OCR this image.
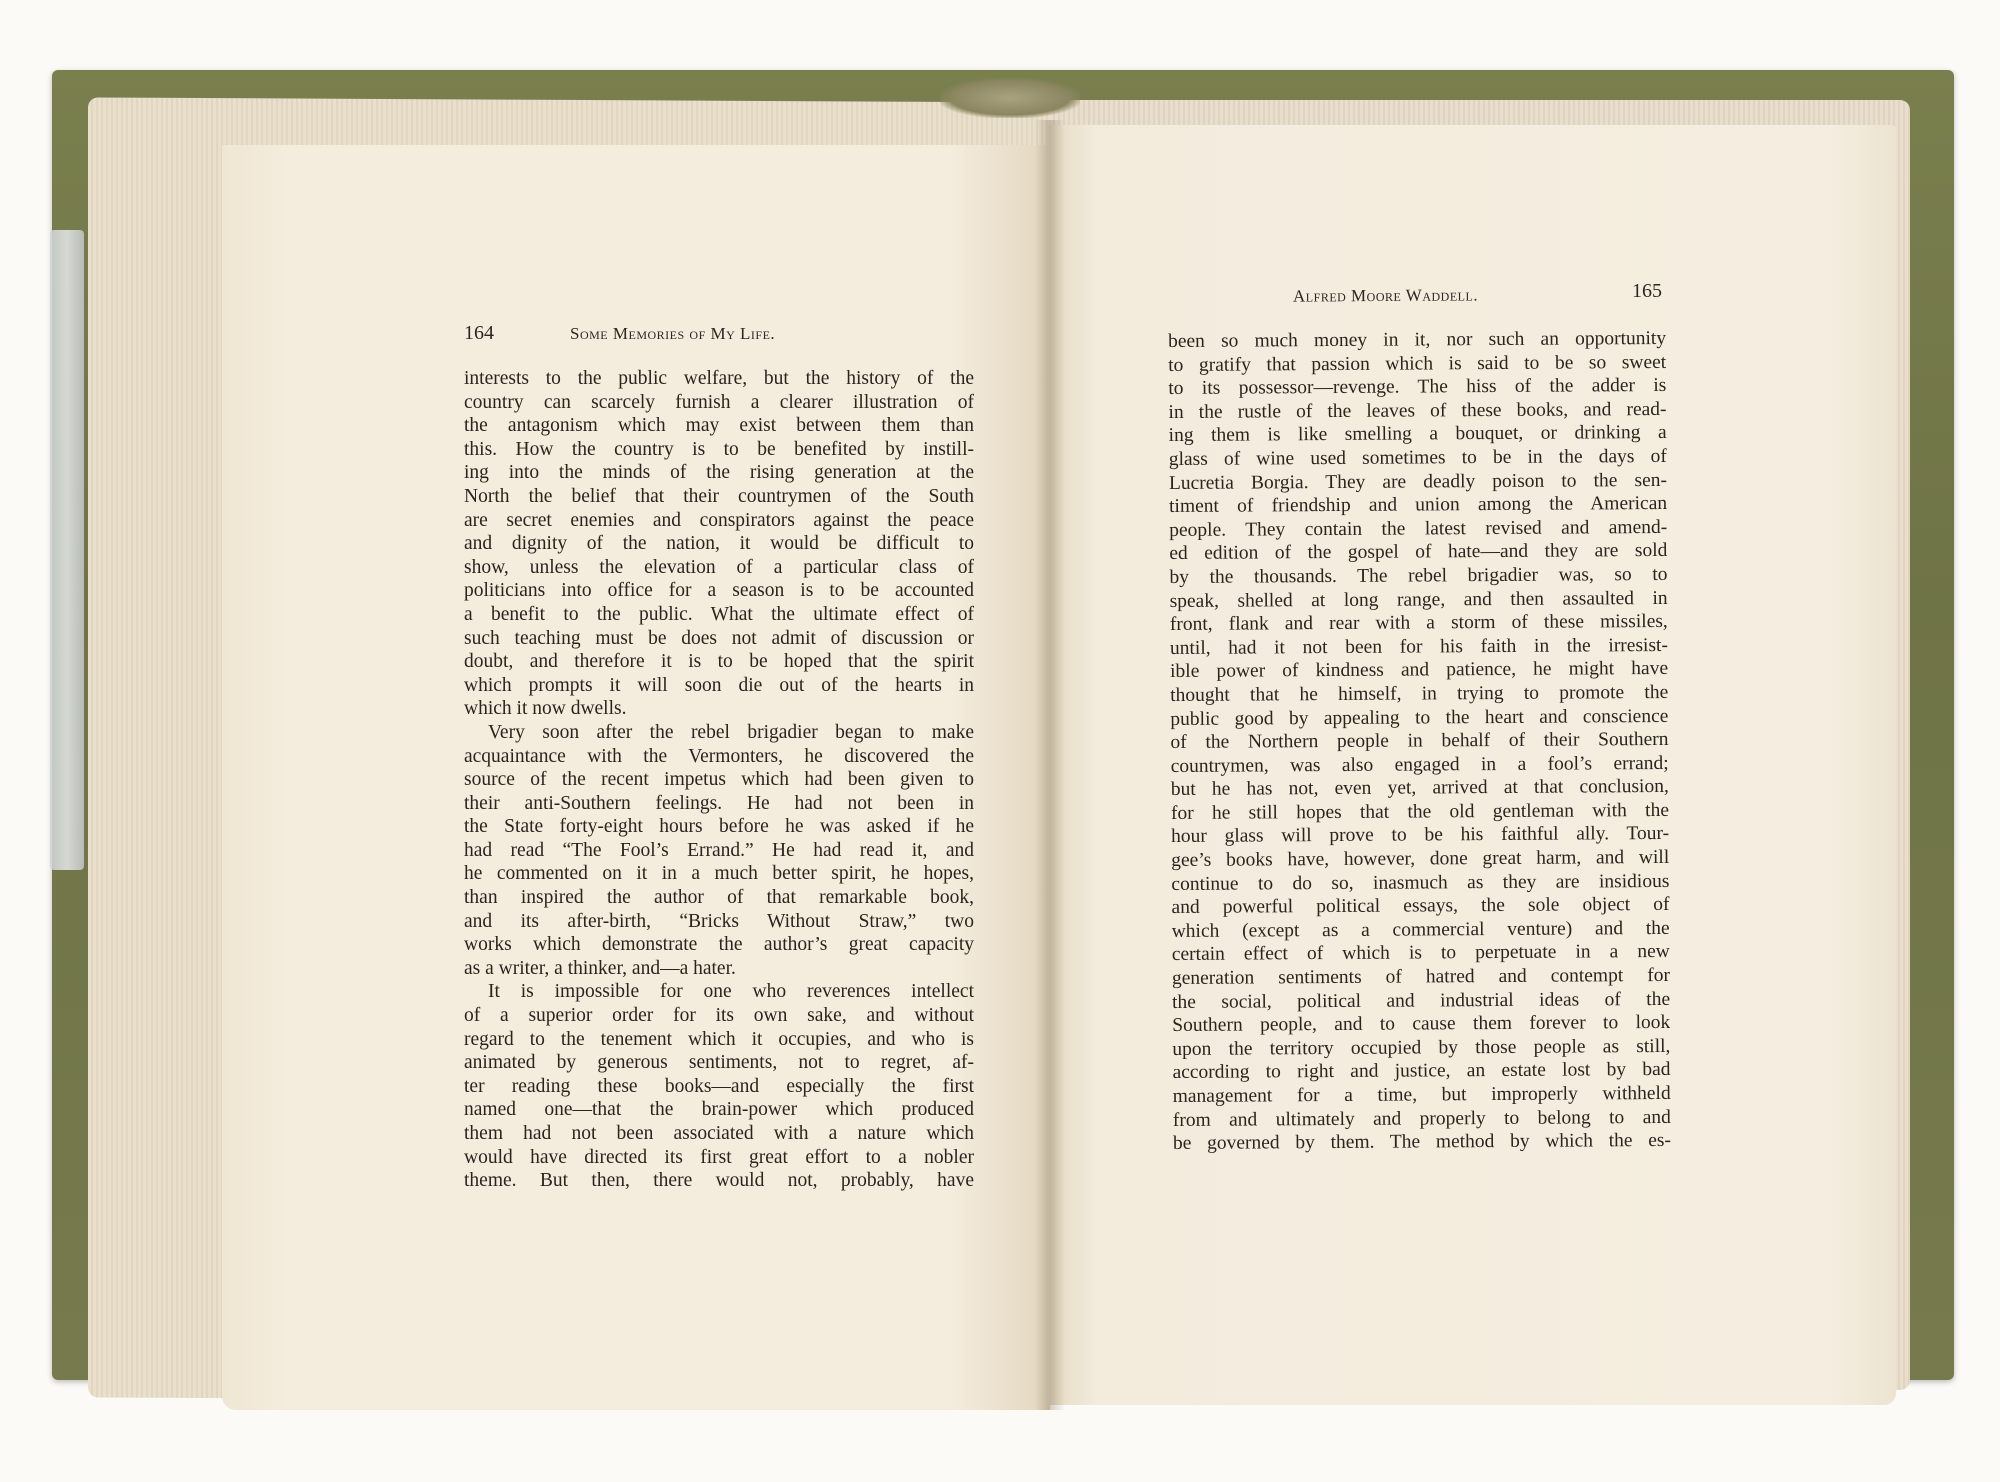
164	Some Memories of My Life.
Alfred Moore Waddell.	165
interests to the public welfare, but the history of the
country can scarcely furnish a clearer illustration of
the antagonism which may exist between them than
this. How the country is to be benefited by instill-
ing into the minds of the rising generation at the
North the belief that their countrymen of the South
are secret enemies and conspirators against the peace
and dignity of the nation, it would be difficult to
show, unless the elevation of a particular class of
politicians into office for a season is to be accounted
a benefit to the public. What the ultimate effect of
such teaching must be does not admit of discussion or
doubt, and therefore it is to be hoped that the spirit
which prompts it will soon die out of the hearts in
which it now dwells.
Very soon after the rebel brigadier began to make
acquaintance with the Vermonters, he discovered the
source of the recent impetus which had been given to
their anti-Southern feelings. He had not been in
the State forty-eight hours before he was asked if he
had read “The Fool’s Errand.” He had read it, and
he commented on it in a much better spirit, he hopes,
than inspired the author of that remarkable book,
and its after-birth, “Bricks Without Straw,” two
works which demonstrate the author’s great capacity
as a writer, a thinker, and—a hater.
It is impossible for one who reverences intellect
of a superior order for its own sake, and without
regard to the tenement which it occupies, and who is
animated by generous sentiments, not to regret, af-
ter reading these books—and especially the first
named one—that the brain-power which produced
them had not been associated with a nature which
would have directed its first great effort to a nobler
theme. But then, there would not, probably, have
been so much money in it, nor such an opportunity
to gratify that passion which is said to be so sweet
to its possessor—revenge. The hiss of the adder is
in the rustle of the leaves of these books, and read-
ing them is like smelling a bouquet, or drinking a
glass of wine used sometimes to be in the days of
Lucretia Borgia. They are deadly poison to the sen-
timent of friendship and union among the American
people. They contain the latest revised and amend-
ed edition of the gospel of hate—and they are sold
by the thousands. The rebel brigadier was, so to
speak, shelled at long range, and then assaulted in
front, flank and rear with a storm of these missiles,
until, had it not been for his faith in the irresist-
ible power of kindness and patience, he might have
thought that he himself, in trying to promote the
public good by appealing to the heart and conscience
of the Northern people in behalf of their Southern
countrymen, was also engaged in a fool’s errand;
but he has not, even yet, arrived at that conclusion,
for he still hopes that the old gentleman with the
hour glass will prove to be his faithful ally. Tour-
gee’s books have, however, done great harm, and will
continue to do so, inasmuch as they are insidious
and powerful political essays, the sole object of
which (except as a commercial venture) and the
certain effect of which is to perpetuate in a new
generation sentiments of hatred and contempt for
the social, political and industrial ideas of the
Southern people, and to cause them forever to look
upon the territory occupied by those people as still,
according to right and justice, an estate lost by bad
management for a time, but improperly withheld
from and ultimately and properly to belong to and
be governed by them. The method by which the es-
